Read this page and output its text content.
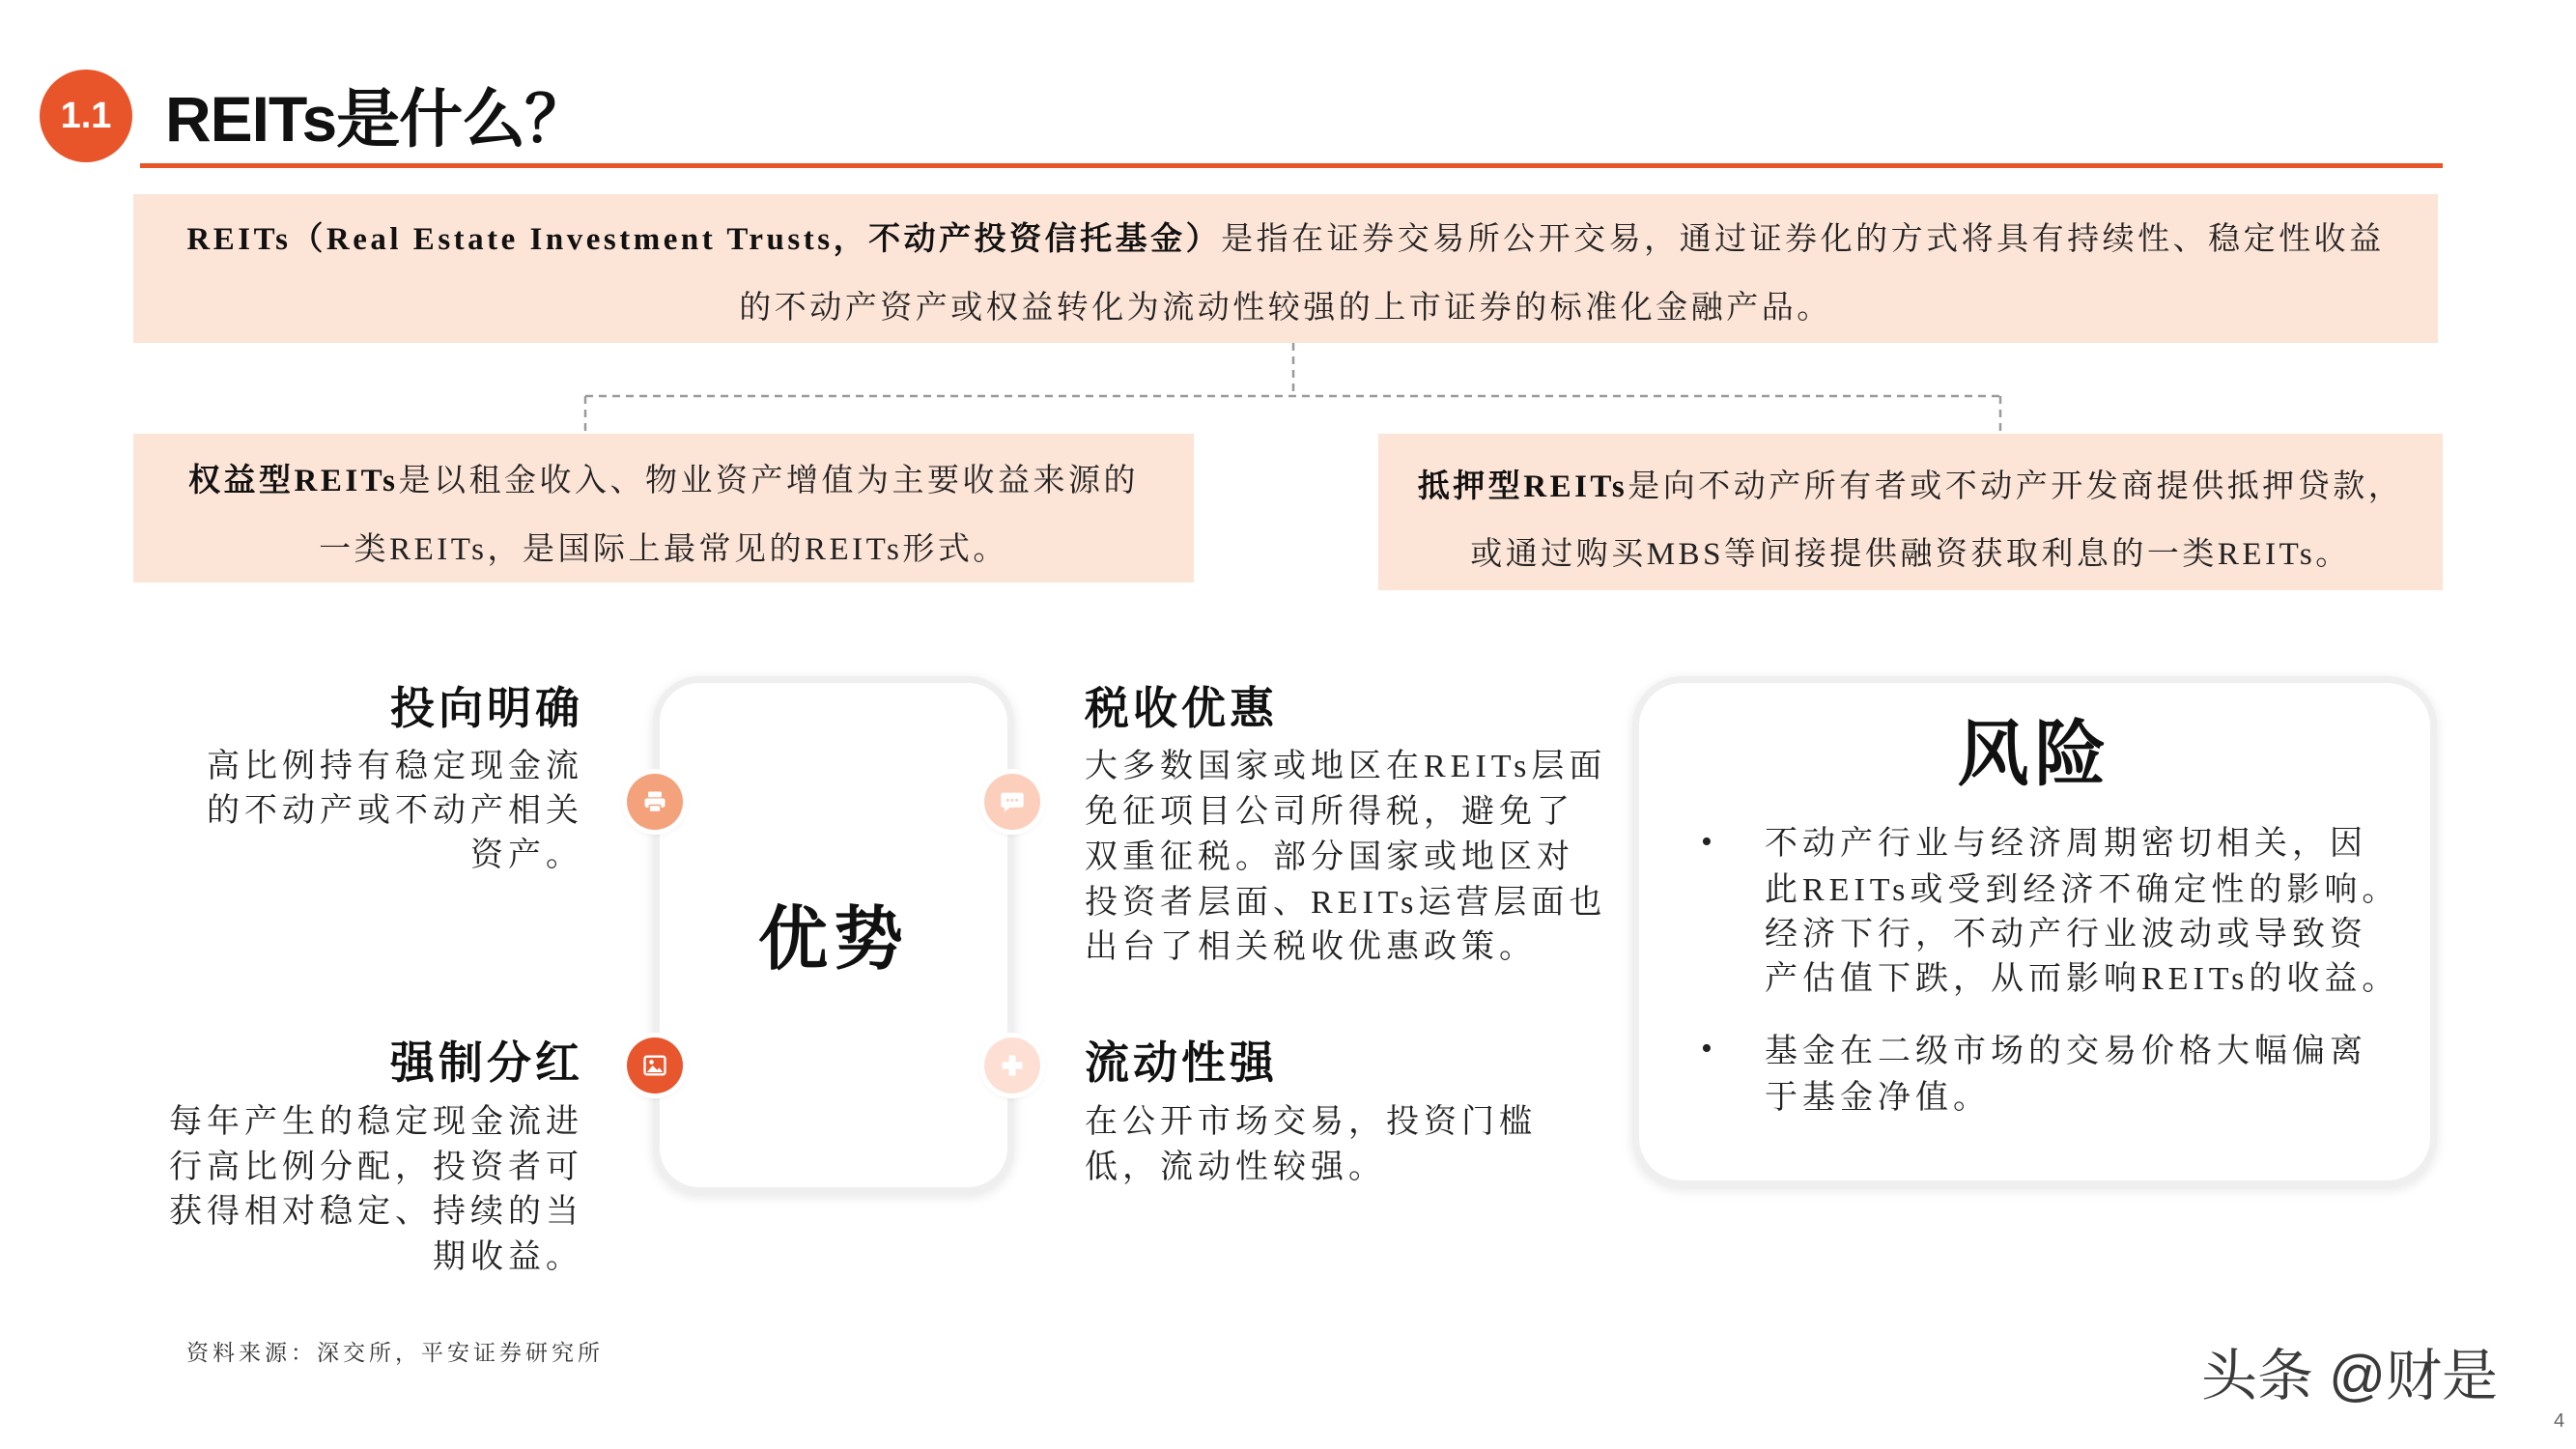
1.1 REITs是什么？
REITs（Real Estate Investment Trusts，不动产投资信托基金）是指在证券交易所公开交易，通过证券化的方式将具有持续性、稳定性收益
的不动产资产或权益转化为流动性较强的上市证券的标准化金融产品。
权益型REITs是以租金收入、物业资产增值为主要收益来源的
一类REITs，是国际上最常见的REITs形式。
抵押型REITs是向不动产所有者或不动产开发商提供抵押贷款，
或通过购买MBS等间接提供融资获取利息的一类REITs。
优势
投向明确
高比例持有稳定现金流
的不动产或不动产相关
资产。
强制分红
每年产生的稳定现金流进
行高比例分配，投资者可
获得相对稳定、持续的当
期收益。
税收优惠
大多数国家或地区在REITs层面
免征项目公司所得税，避免了
双重征税。部分国家或地区对
投资者层面、REITs运营层面也
出台了相关税收优惠政策。
流动性强
在公开市场交易，投资门槛
低，流动性较强。
风险
• 不动产行业与经济周期密切相关，因
此REITs或受到经济不确定性的影响。
经济下行，不动产行业波动或导致资
产估值下跌，从而影响REITs的收益。
• 基金在二级市场的交易价格大幅偏离
于基金净值。
资料来源：深交所，平安证券研究所	头条 @财是
4
